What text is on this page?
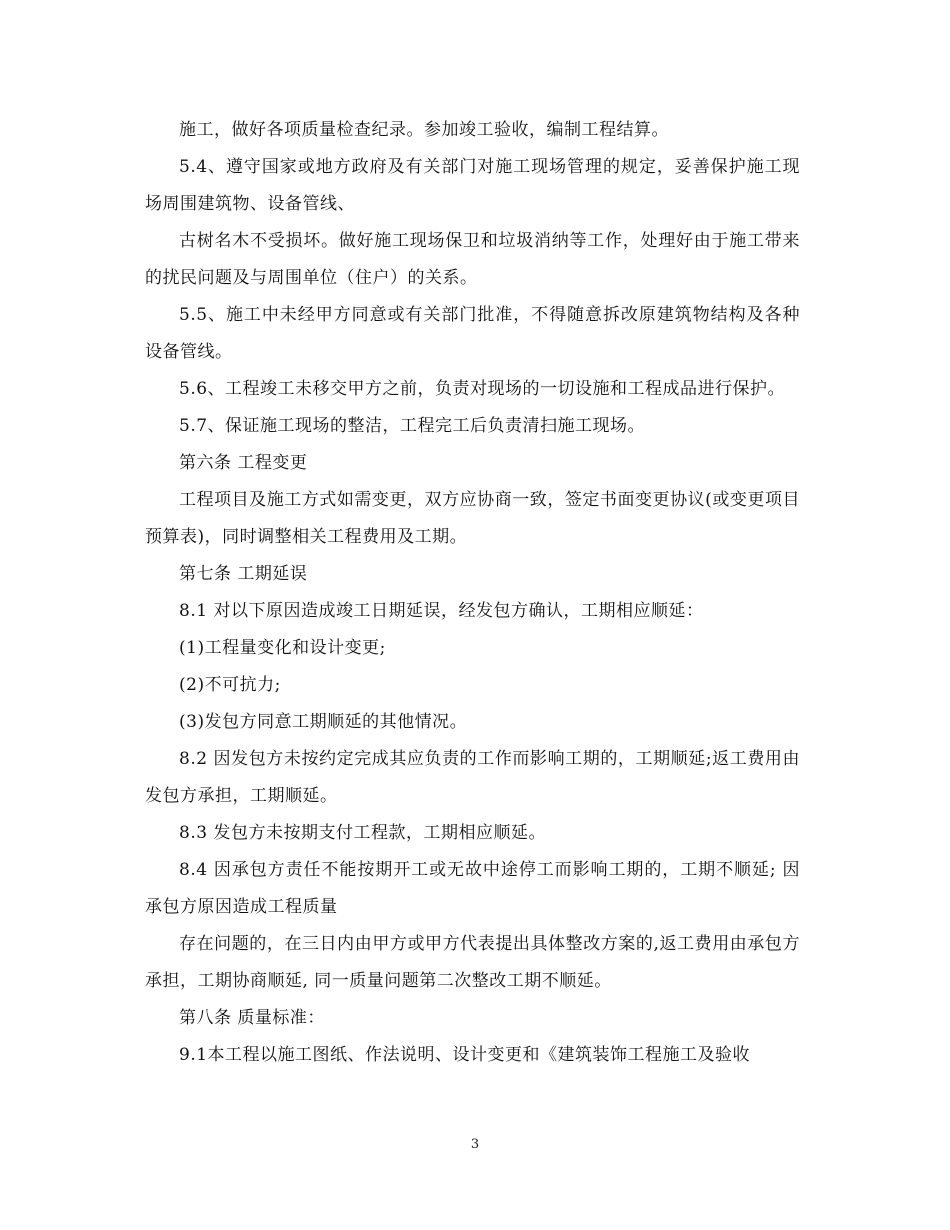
施工，做好各项质量检查纪录。参加竣工验收，编制工程结算。

5.4、遵守国家或地方政府及有关部门对施工现场管理的规定，妥善保护施工现场周围建筑物、设备管线、

古树名木不受损坏。做好施工现场保卫和垃圾消纳等工作，处理好由于施工带来的扰民问题及与周围单位（住户）的关系。

5.5、施工中未经甲方同意或有关部门批准，不得随意拆改原建筑物结构及各种设备管线。

5.6、工程竣工未移交甲方之前，负责对现场的一切设施和工程成品进行保护。

5.7、保证施工现场的整洁，工程完工后负责清扫施工现场。

第六条 工程变更

工程项目及施工方式如需变更，双方应协商一致，签定书面变更协议(或变更项目预算表)，同时调整相关工程费用及工期。

第七条 工期延误

8.1 对以下原因造成竣工日期延误，经发包方确认，工期相应顺延：

(1)工程量变化和设计变更;

(2)不可抗力;

(3)发包方同意工期顺延的其他情况。

8.2 因发包方未按约定完成其应负责的工作而影响工期的，工期顺延;返工费用由发包方承担，工期顺延。

8.3 发包方未按期支付工程款，工期相应顺延。

8.4 因承包方责任不能按期开工或无故中途停工而影响工期的，工期不顺延; 因承包方原因造成工程质量

存在问题的，在三日内由甲方或甲方代表提出具体整改方案的,返工费用由承包方承担，工期协商顺延, 同一质量问题第二次整改工期不顺延。

第八条 质量标准：

9.1本工程以施工图纸、作法说明、设计变更和《建筑装饰工程施工及验收

3
